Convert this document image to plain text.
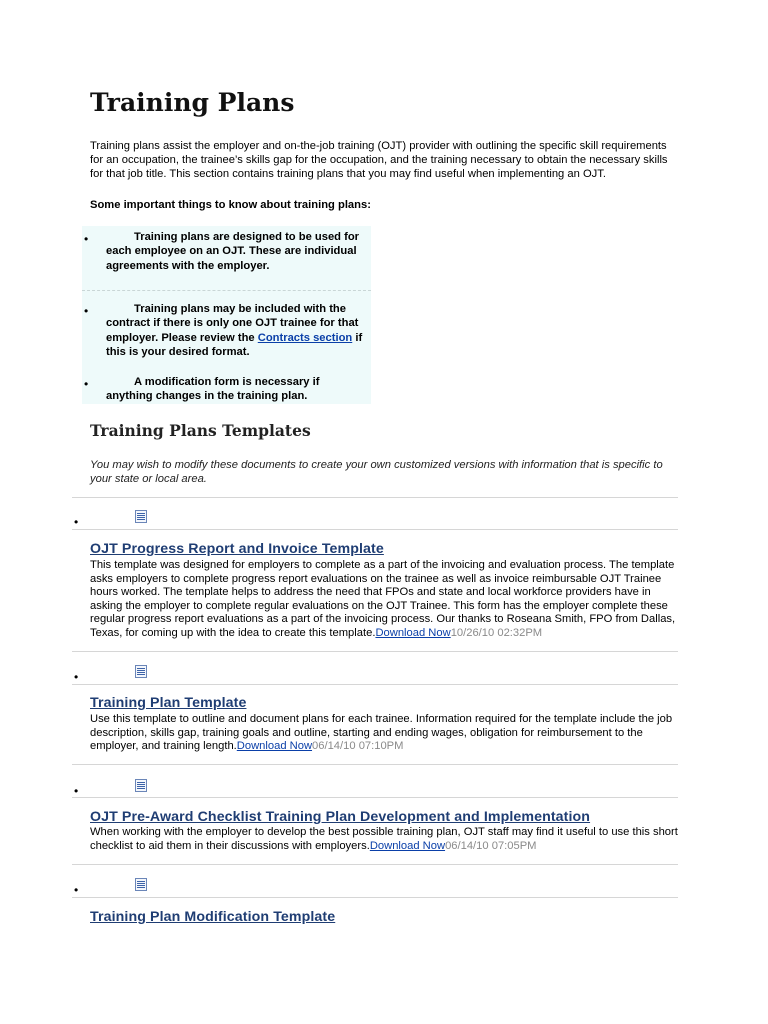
Training Plans

Training plans assist the employer and on-the-job training (OJT) provider with outlining the specific skill requirements for an occupation, the trainee’s skills gap for the occupation, and the training necessary to obtain the necessary skills for that job title. This section contains training plans that you may find useful when implementing an OJT.

Some important things to know about training plans:

•	Training plans are designed to be used for each employee on an OJT. These are individual agreements with the employer.
•	Training plans may be included with the contract if there is only one OJT trainee for that employer. Please review the Contracts section if this is your desired format.
•	A modification form is necessary if anything changes in the training plan.
Training Plans Templates

You may wish to modify these documents to create your own customized versions with information that is specific to your state or local area.

•
OJT Progress Report and Invoice Template

This template was designed for employers to complete as a part of the invoicing and evaluation process. The template asks employers to complete progress report evaluations on the trainee as well as invoice reimbursable OJT Trainee hours worked. The template helps to address the need that FPOs and state and local workforce providers have in asking the employer to complete regular evaluations on the OJT Trainee. This form has the employer complete these regular progress report evaluations as a part of the invoicing process. Our thanks to Roseana Smith, FPO from Dallas, Texas, for coming up with the idea to create this template.Download Now10/26/10 02:32PM

•
Training Plan Template

Use this template to outline and document plans for each trainee. Information required for the template include the job description, skills gap, training goals and outline, starting and ending wages, obligation for reimbursement to the employer, and training length.Download Now06/14/10 07:10PM

•
OJT Pre-Award Checklist Training Plan Development and Implementation

When working with the employer to develop the best possible training plan, OJT staff may find it useful to use this short checklist to aid them in their discussions with employers.Download Now06/14/10 07:05PM

•
Training Plan Modification Template
